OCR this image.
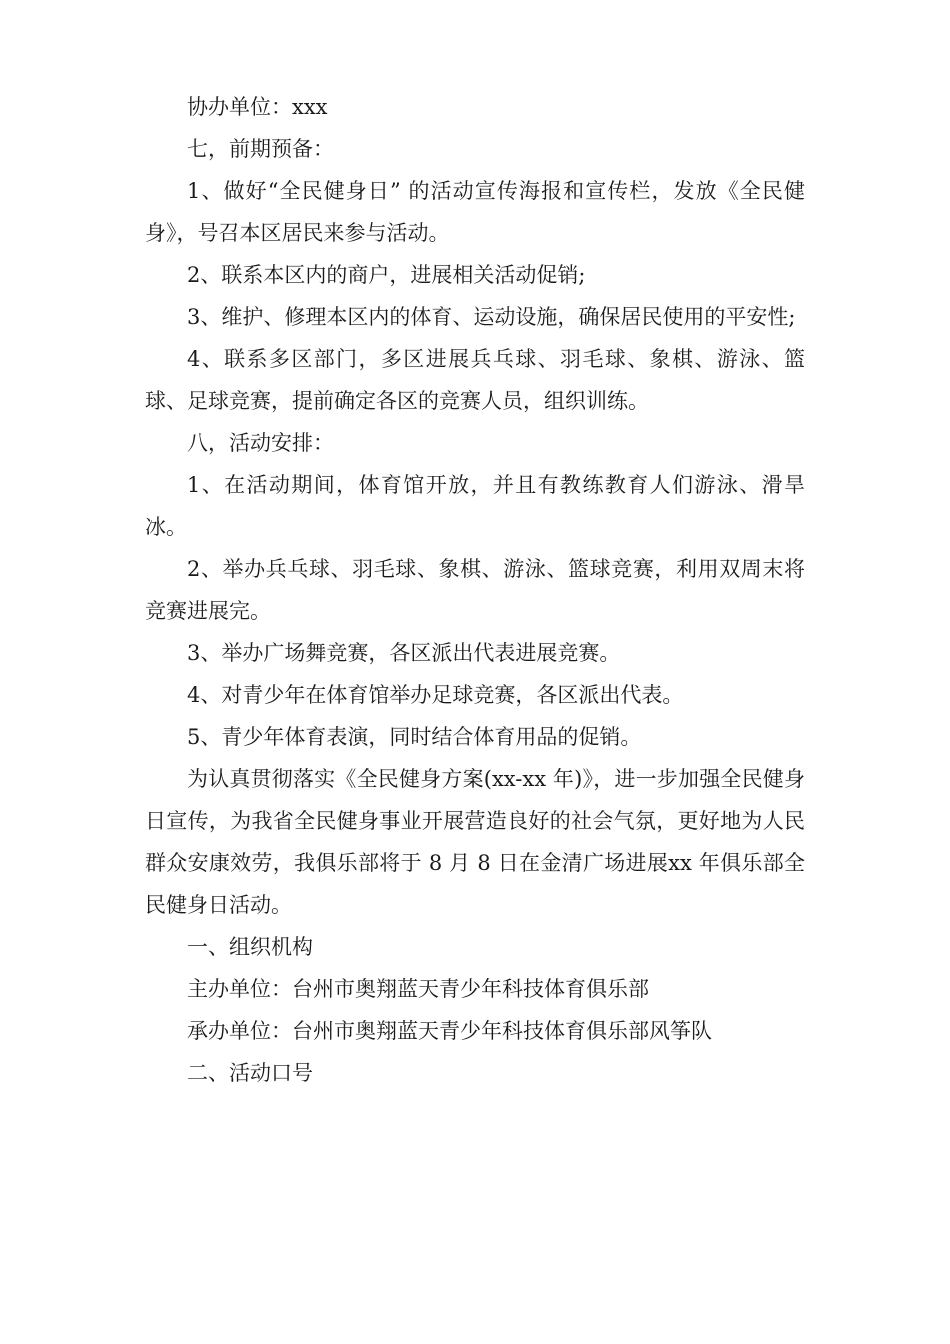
协办单位：xxx

七，前期预备：

1、做好“全民健身日” 的活动宣传海报和宣传栏，发放《全民健身》，号召本区居民来参与活动。

2、联系本区内的商户，进展相关活动促销;

3、维护、修理本区内的体育、运动设施，确保居民使用的平安性;

4、联系多区部门，多区进展兵乓球、羽毛球、象棋、游泳、篮球、足球竞赛，提前确定各区的竞赛人员，组织训练。

八，活动安排：

1、在活动期间，体育馆开放，并且有教练教育人们游泳、滑旱冰。

2、举办兵乓球、羽毛球、象棋、游泳、篮球竞赛，利用双周末将竞赛进展完。

3、举办广场舞竞赛，各区派出代表进展竞赛。

4、对青少年在体育馆举办足球竞赛，各区派出代表。

5、青少年体育表演，同时结合体育用品的促销。

为认真贯彻落实《全民健身方案(xx-xx 年)》，进一步加强全民健身日宣传，为我省全民健身事业开展营造良好的社会气氛，更好地为人民群众安康效劳，我俱乐部将于 8 月 8 日在金清广场进展xx 年俱乐部全民健身日活动。

一、组织机构

主办单位：台州市奥翔蓝天青少年科技体育俱乐部

承办单位：台州市奥翔蓝天青少年科技体育俱乐部风筝队

二、活动口号
